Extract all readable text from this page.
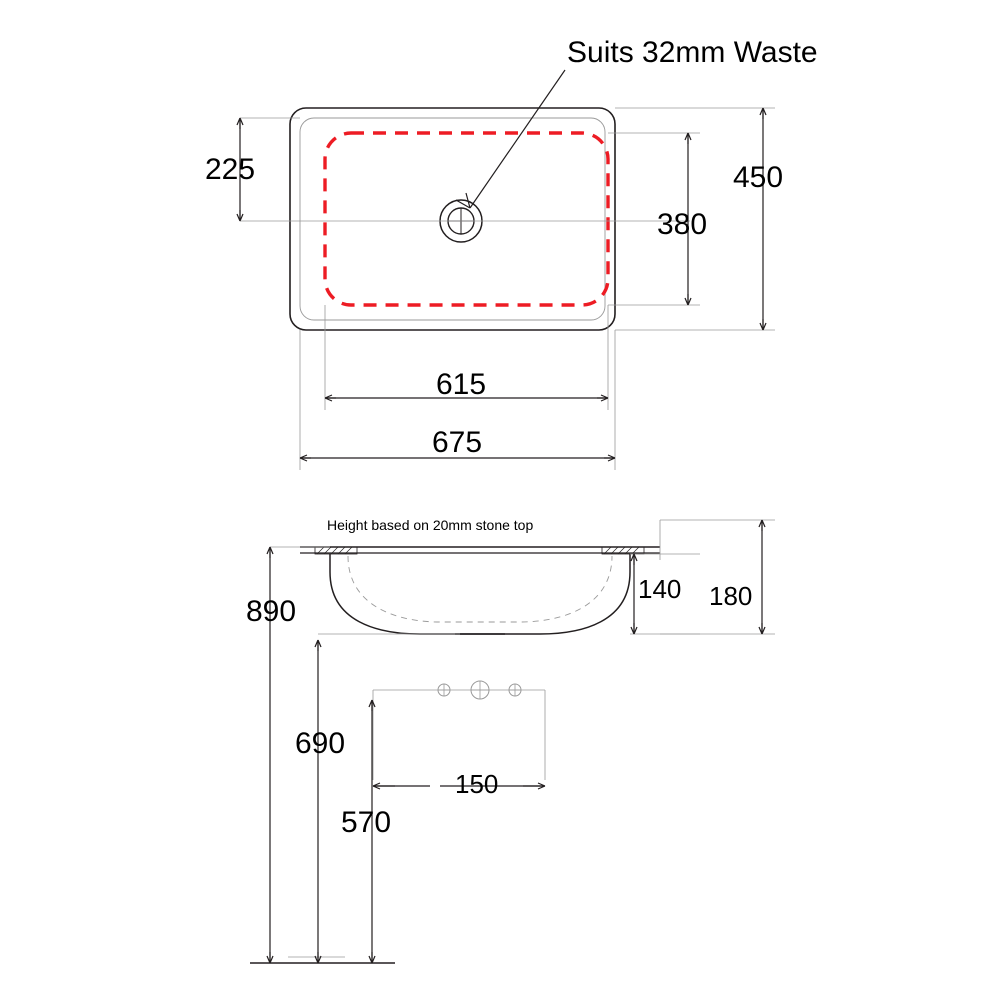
Suits 32mm Waste
225	450
380
615
675
Height based on 20mm stone top
140 180
890
690
570
150
